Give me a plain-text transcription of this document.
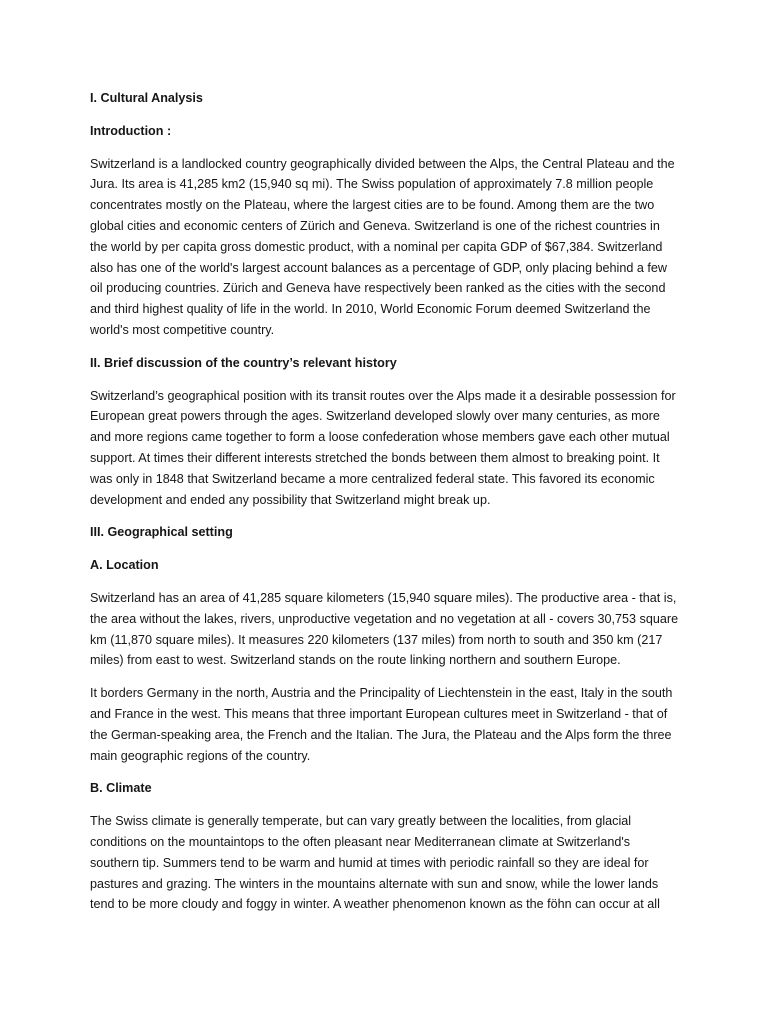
I. Cultural Analysis

Introduction :

Switzerland is a landlocked country geographically divided between the Alps, the Central Plateau and the Jura. Its area is 41,285 km2 (15,940 sq mi). The Swiss population of approximately 7.8 million people concentrates mostly on the Plateau, where the largest cities are to be found. Among them are the two global cities and economic centers of Zürich and Geneva. Switzerland is one of the richest countries in the world by per capita gross domestic product, with a nominal per capita GDP of $67,384. Switzerland also has one of the world's largest account balances as a percentage of GDP, only placing behind a few oil producing countries. Zürich and Geneva have respectively been ranked as the cities with the second and third highest quality of life in the world. In 2010, World Economic Forum deemed Switzerland the world's most competitive country.

II. Brief discussion of the country’s relevant history

Switzerland’s geographical position with its transit routes over the Alps made it a desirable possession for European great powers through the ages. Switzerland developed slowly over many centuries, as more and more regions came together to form a loose confederation whose members gave each other mutual support. At times their different interests stretched the bonds between them almost to breaking point. It was only in 1848 that Switzerland became a more centralized federal state. This favored its economic development and ended any possibility that Switzerland might break up.

III. Geographical setting

A. Location

Switzerland has an area of 41,285 square kilometers (15,940 square miles). The productive area - that is, the area without the lakes, rivers, unproductive vegetation and no vegetation at all - covers 30,753 square km (11,870 square miles). It measures 220 kilometers (137 miles) from north to south and 350 km (217 miles) from east to west. Switzerland stands on the route linking northern and southern Europe.

It borders Germany in the north, Austria and the Principality of Liechtenstein in the east, Italy in the south and France in the west. This means that three important European cultures meet in Switzerland - that of the German-speaking area, the French and the Italian. The Jura, the Plateau and the Alps form the three main geographic regions of the country.

B. Climate

The Swiss climate is generally temperate, but can vary greatly between the localities, from glacial conditions on the mountaintops to the often pleasant near Mediterranean climate at Switzerland's southern tip. Summers tend to be warm and humid at times with periodic rainfall so they are ideal for pastures and grazing. The winters in the mountains alternate with sun and snow, while the lower lands tend to be more cloudy and foggy in winter. A weather phenomenon known as the föhn can occur at all
